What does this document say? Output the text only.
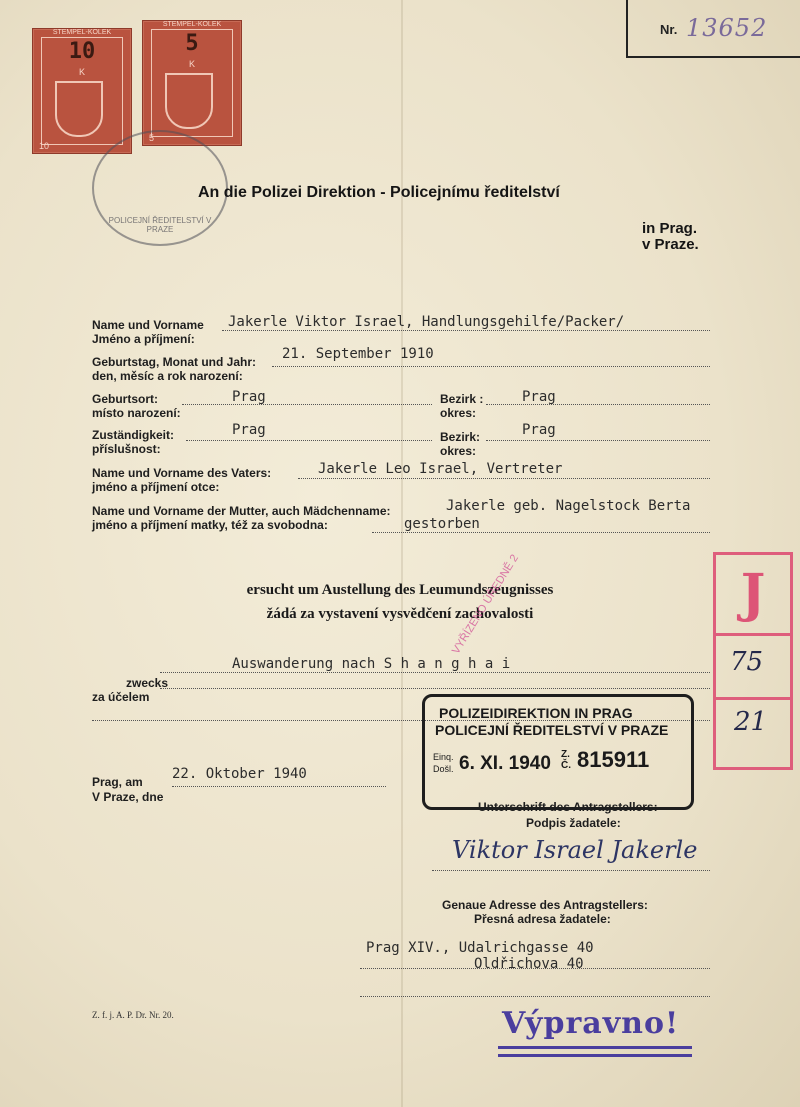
Nr. 13652
STEMPEL-KOLEK
10
K
10
STEMPEL-KOLEK
5
K
5
POLICEJNÍ ŘEDITELSTVÍ V PRAZE
An die Polizei Direktion - Policejnímu ředitelství
in Prag.
v Praze.
Name und Vorname
Jméno a příjmení:
Jakerle Viktor Israel, Handlungsgehilfe/Packer/
Geburtstag, Monat und Jahr:
den, měsíc a rok narození:
21. September 1910
Geburtsort:
místo narození:
Prag	Bezirk :
okres:
Prag
Zuständigkeit:
příslušnost:
Prag	Bezirk:
okres:
Prag
Name und Vorname des Vaters:
jméno a příjmení otce:
Jakerle Leo Israel, Vertreter
Name und Vorname der Mutter, auch Mädchenname:
jméno a příjmení matky, též za svobodna:
Jakerle geb. Nagelstock Berta
gestorben
ersucht um Austellung des Leumundszeugnisses
žádá za vystavení vysvědčení zachovalosti
Auswanderung nach S h a n g h a i
zwecks
za účelem
Prag, am
V Praze, dne
22. Oktober 1940
Unterschrift des Antragstellers:
Podpis žadatele:
Viktor Israel Jakerle
Genaue Adresse des Antragstellers:
Přesná adresa žadatele:
Prag XIV., Udalrichgasse 40
Oldřichova 40
Z. f. j. A. P. Dr. Nr. 20.
POLIZEIDIREKTION IN PRAG
POLICEJNÍ ŘEDITELSTVÍ V PRAZE
Einq.
Došl. 6. XI. 1940 Z.
Č. 815911
VYŘÍZENO ÚŘEDNĚ 2	J
75
21
Výpravno!
